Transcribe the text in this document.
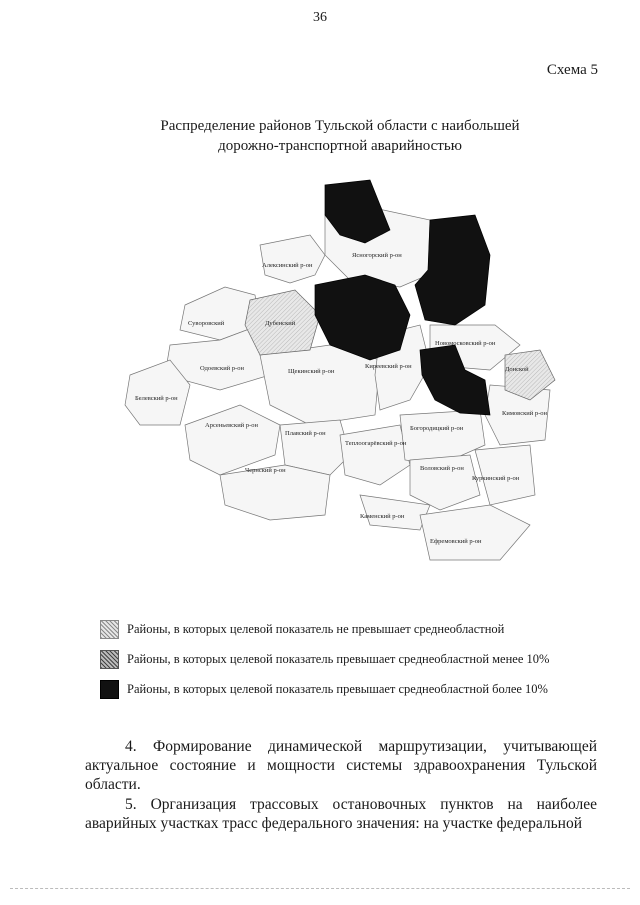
36
Схема 5
Распределение районов Тульской области с наибольшей
дорожно-транспортной аварийностью
Алексинский р-он
Ясногорский р-он
Суворовский	Дубенский
Одоевский р-он	Щекинский р-он
Киреевский р-он
Новомосковский р-он
Донской
Кимовский р-он
Белевский р-он
Арсеньевский р-он
Плавский р-он
Теплоогарёвский р-он
Богородицкий р-он
Воловский р-он
Чернский р-он
Куркинский р-он
Каменский р-он
Ефремовский р-он
Районы, в которых целевой показатель не превышает среднеобластной
Районы, в которых целевой показатель превышает среднеобластной менее 10%
Районы, в которых целевой показатель превышает среднеобластной более 10%
4. Формирование динамической маршрутизации, учитывающей актуальное состояние и мощности системы здравоохранения Тульской области.
5. Организация трассовых остановочных пунктов на наиболее аварийных участках трасс федерального значения: на участке федеральной
